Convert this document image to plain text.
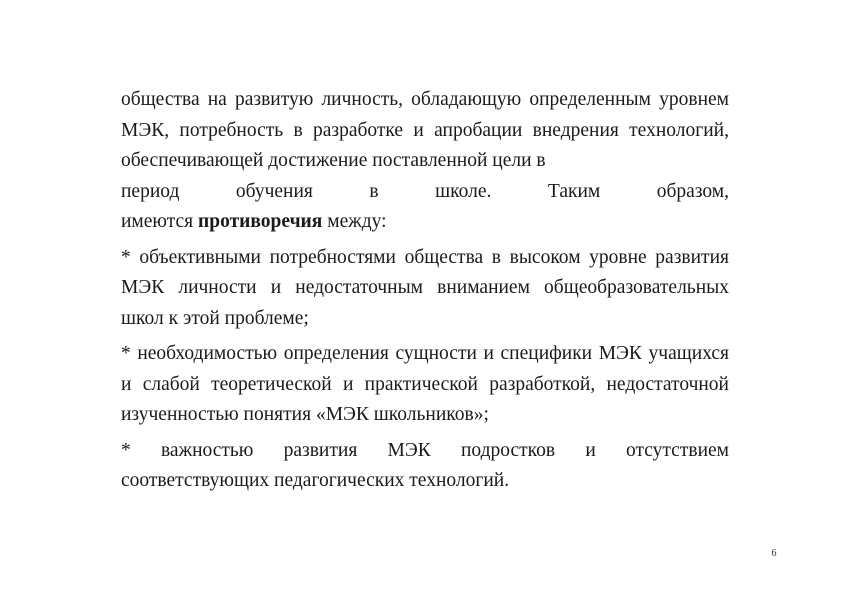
общества на развитую личность, обладающую определенным уровнем МЭК, потребность в разработке и апробации внедрения технологий, обеспечивающей достижение поставленной цели в
период обучения в школе. Таким образом,
имеются противоречия между:

* объективными потребностями общества в высоком уровне развития МЭК личности и недостаточным вниманием общеобразовательных школ к этой проблеме;

* необходимостью определения сущности и специфики МЭК учащихся и слабой теоретической и практической разработкой, недостаточной изученностью понятия «МЭК школьников»;

* важностью развития МЭК подростков и отсутствием соответствующих педагогических технологий.

6
